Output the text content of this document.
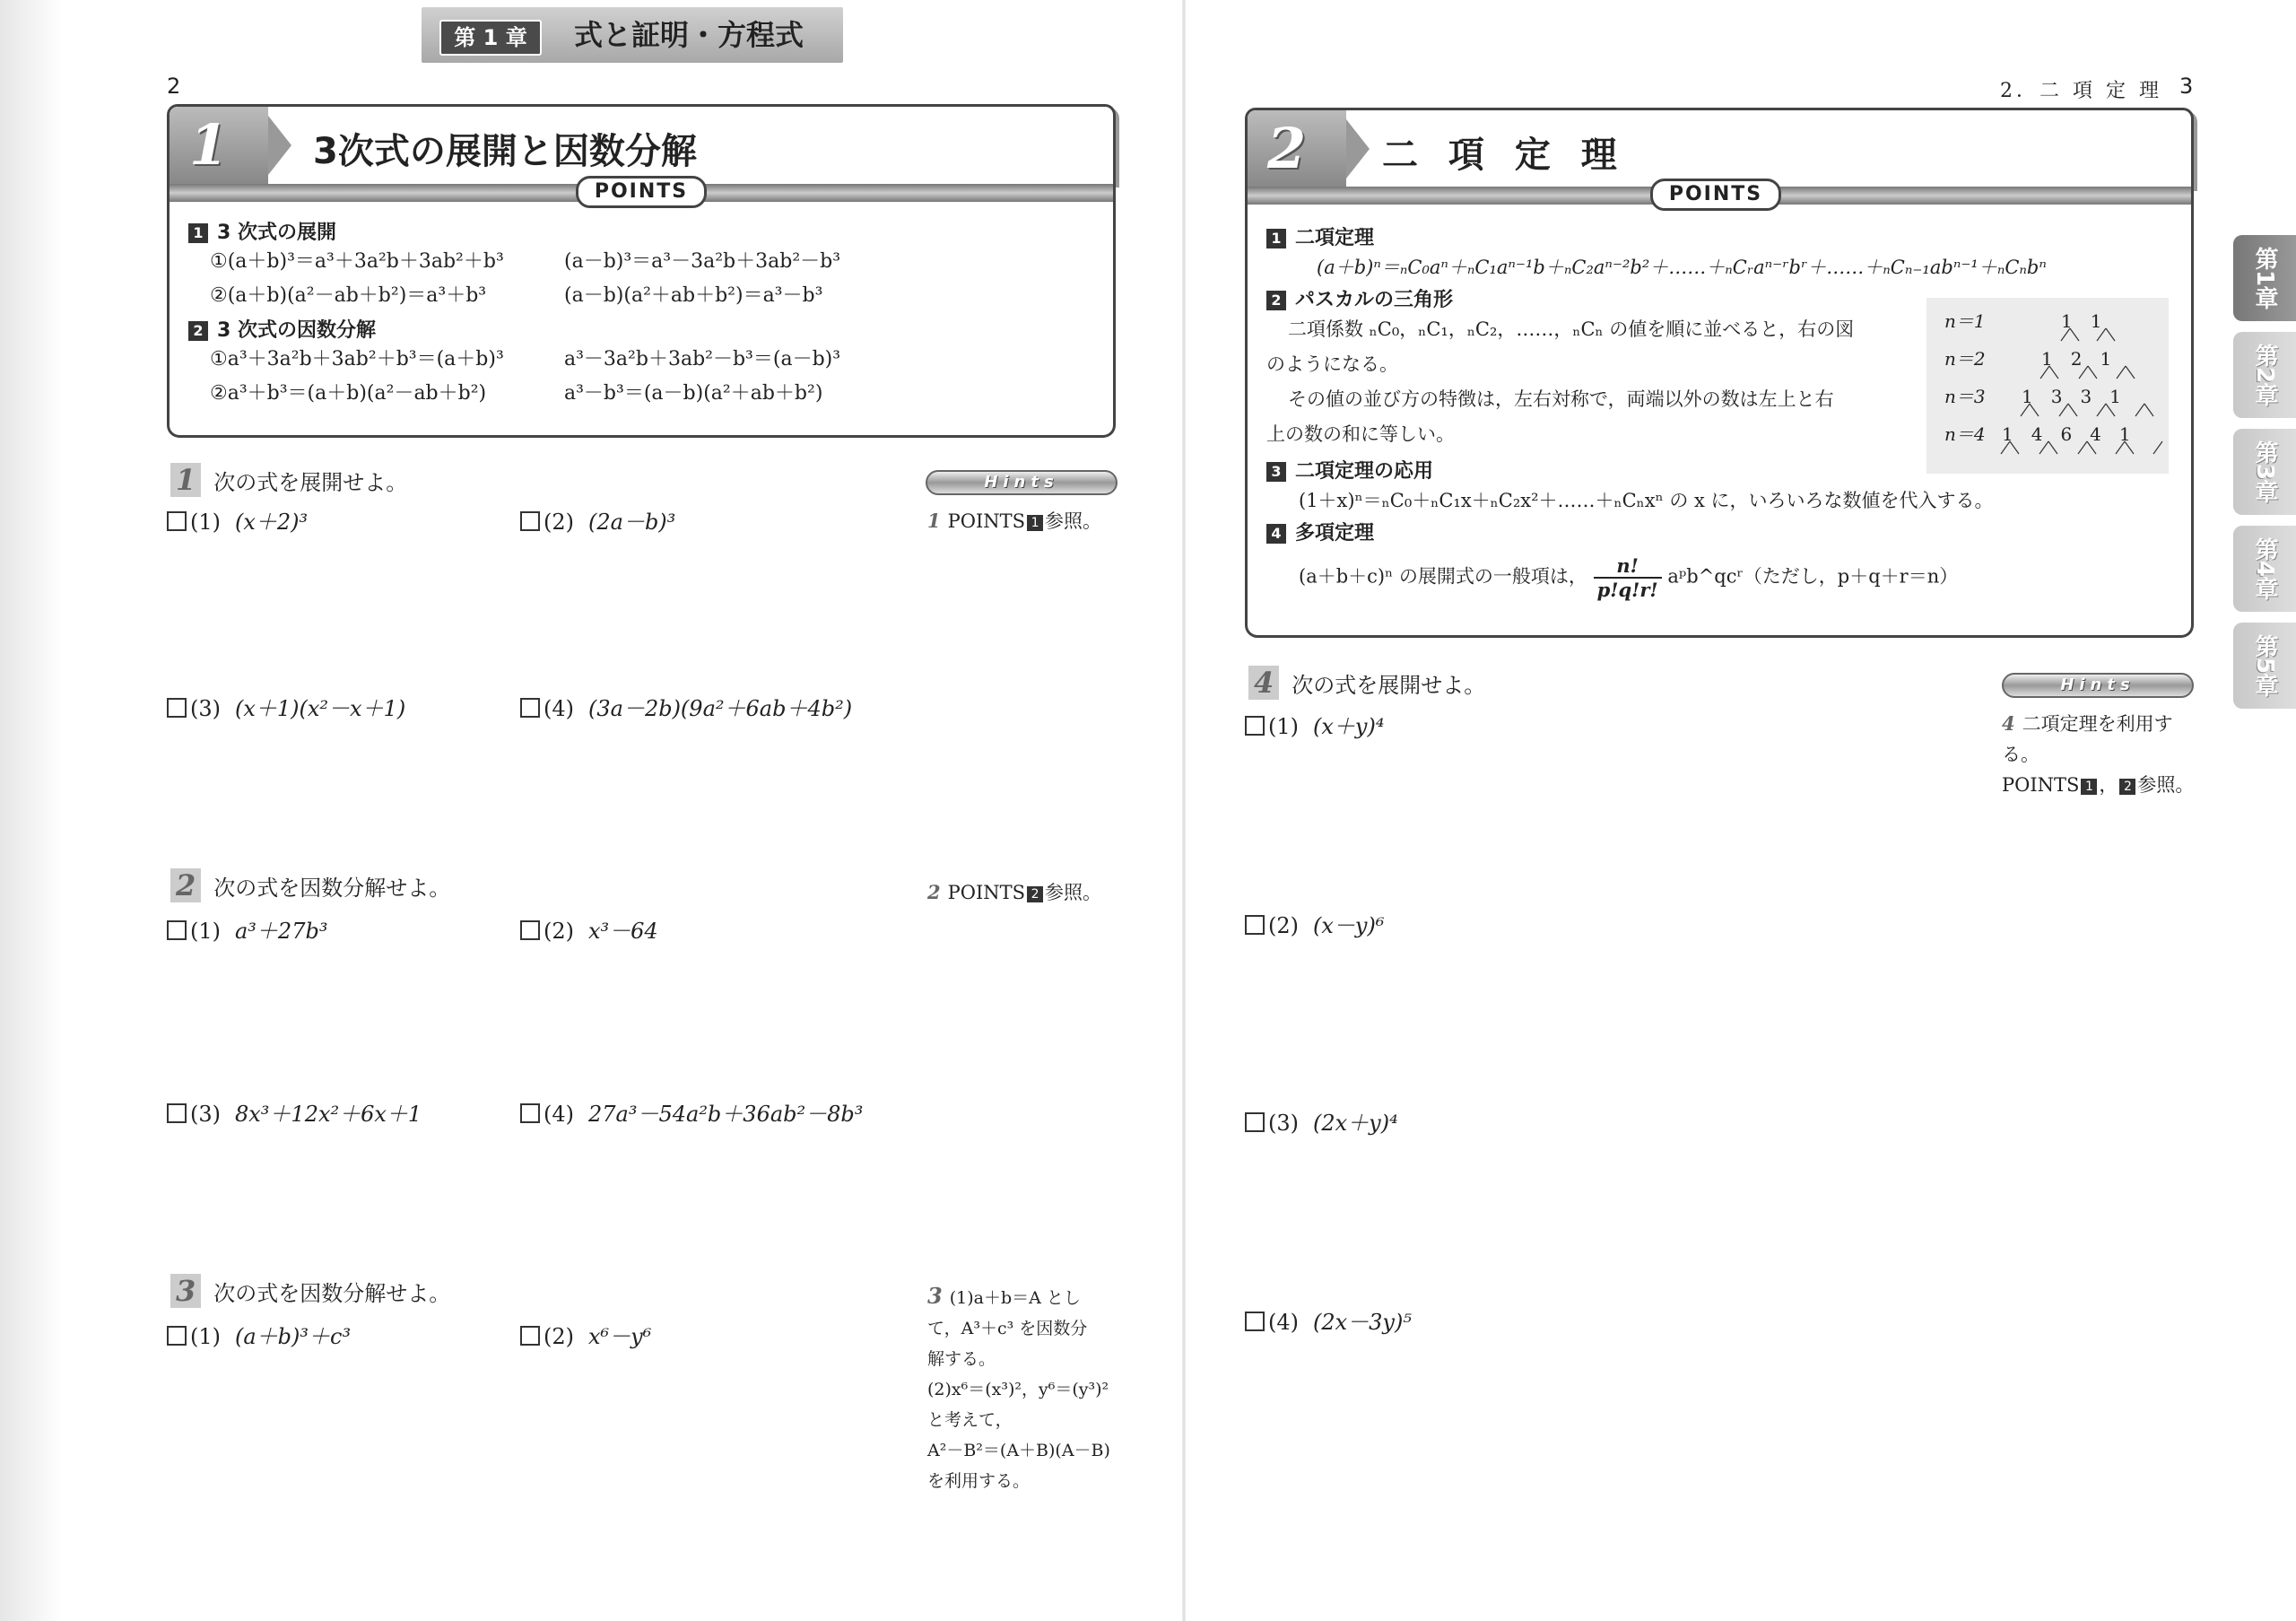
第 1 章	式と証明・方程式
2
1 3次式の展開と因数分解
POINTS
1 3 次式の展開
①(a＋b)³＝a³＋3a²b＋3ab²＋b³	(a－b)³＝a³－3a²b＋3ab²－b³
②(a＋b)(a²－ab＋b²)＝a³＋b³	(a－b)(a²＋ab＋b²)＝a³－b³
2 3 次式の因数分解
①a³＋3a²b＋3ab²＋b³＝(a＋b)³	a³－3a²b＋3ab²－b³＝(a－b)³
②a³＋b³＝(a＋b)(a²－ab＋b²)	a³－b³＝(a－b)(a²＋ab＋b²)
1 次の式を展開せよ。	Hints
1 POINTS 1 参照。
(1) (x＋2)³	(2) (2a－b)³
(3) (x＋1)(x²－x＋1)	(4) (3a－2b)(9a²＋6ab＋4b²)
2 次の式を因数分解せよ。	2 POINTS 2 参照。
(1) a³＋27b³	(2) x³－64
(3) 8x³＋12x²＋6x＋1	(4) 27a³－54a²b＋36ab²－8b³
3 次の式を因数分解せよ。
(1) (a＋b)³＋c³	(2) x⁶－y⁶
3 (1)a＋b＝A とし
て，A³＋c³ を因数分
解する。
(2)x⁶＝(x³)²，y⁶＝(y³)²
と考えて，
A²－B²＝(A＋B)(A－B)
を利用する。
2．二 項 定 理 3
2 二 項 定 理
POINTS
1 二項定理
(a＋b)ⁿ＝ₙC₀aⁿ＋ₙC₁aⁿ⁻¹b＋ₙC₂aⁿ⁻²b²＋……＋ₙCᵣaⁿ⁻ʳbʳ＋……＋ₙCₙ₋₁abⁿ⁻¹＋ₙCₙbⁿ
2 パスカルの三角形
二項係数 ₙC₀，ₙC₁，ₙC₂，……，ₙCₙ の値を順に並べると，右の図
のようになる。
その値の並び方の特徴は，左右対称で，両端以外の数は左上と右
上の数の和に等しい。
3 二項定理の応用
(1＋x)ⁿ＝ₙC₀＋ₙC₁x＋ₙC₂x²＋……＋ₙCₙxⁿ の x に，いろいろな数値を代入する。
4 多項定理
(a＋b＋c)ⁿ の展開式の一般項は， $\frac{n!}{p!q!r!}$ aᵖb^qcʳ（ただし，p＋q＋r＝n）
n＝1	1　1
n＝2	1　2　1
n＝3 1　3　3　1
n＝4 1　4　6　4　1
4 次の式を展開せよ。	Hints
4 二項定理を利用す
る。
POINTS 1 ， 2 参照。
(1) (x＋y)⁴
(2) (x－y)⁶
(3) (2x＋y)⁴
(4) (2x－3y)⁵
第1章
第2章
第3章
第4章
第5章
